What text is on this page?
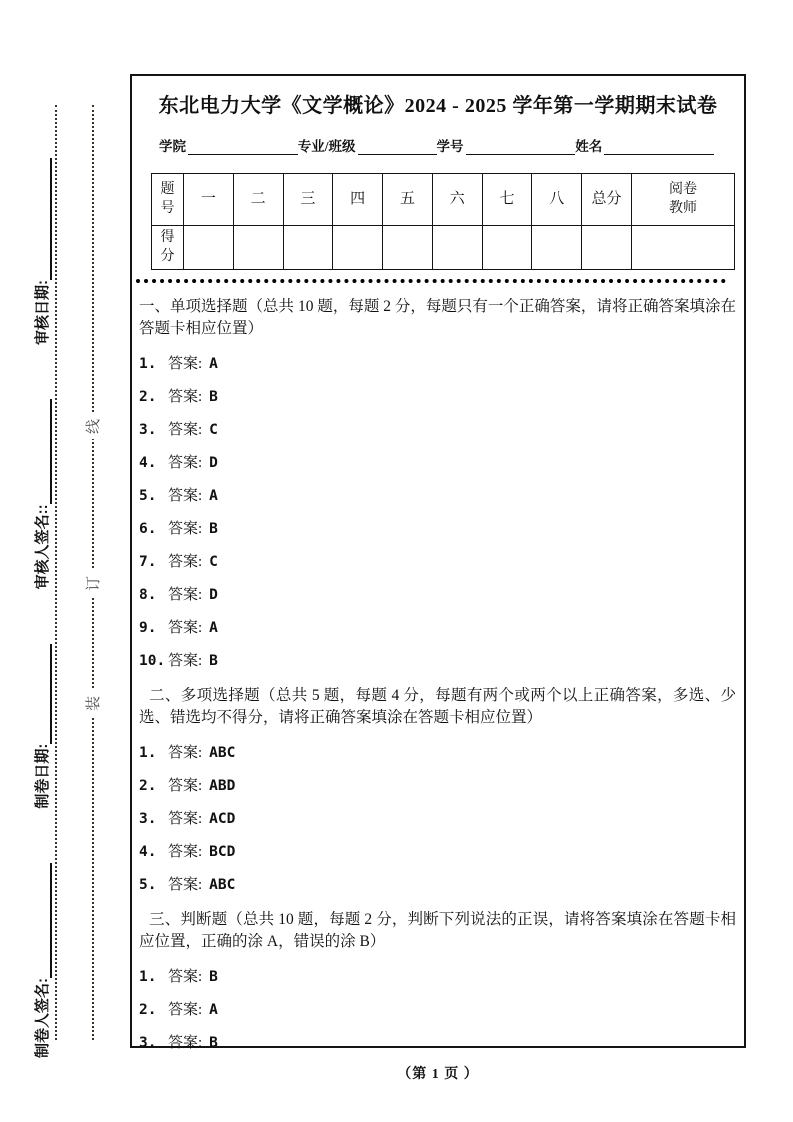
制卷人签名:
制卷日期:
审核人签名::
审核日期:
线
订
装
东北电力大学《文学概论》2024 - 2025 学年第一学期期末试卷
学院	专业/班级	学号	姓名
题号	一	二	三	四	五	六	七	八	总分	阅卷教师
得分										

一、单项选择题（总共 10 题，每题 2 分，每题只有一个正确答案，请将正确答案填涂在答题卡相应位置）

1. 答案: A
2. 答案: B
3. 答案: C
4. 答案: D
5. 答案: A
6. 答案: B
7. 答案: C
8. 答案: D
9. 答案: A
10. 答案: B

二、多项选择题（总共 5 题，每题 4 分，每题有两个或两个以上正确答案，多选、少选、错选均不得分，请将正确答案填涂在答题卡相应位置）

1. 答案: ABC
2. 答案: ABD
3. 答案: ACD
4. 答案: BCD
5. 答案: ABC

三、判断题（总共 10 题，每题 2 分，判断下列说法的正误，请将答案填涂在答题卡相应位置，正确的涂 A，错误的涂 B）

1. 答案: B
2. 答案: A
3. 答案: B
（第 1 页 ）
